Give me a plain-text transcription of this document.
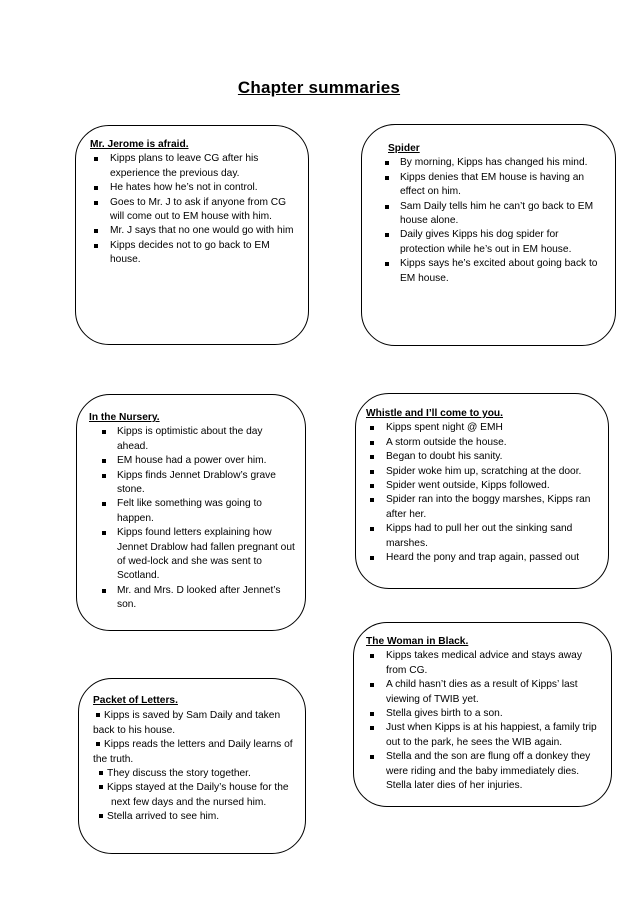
Chapter summaries

Mr. Jerome is afraid.

Kipps plans to leave CG after his experience the previous day.
He hates how he’s not in control.
Goes to Mr. J to ask if anyone from CG will come out to EM house with him.
Mr. J says that no one would go with him
Kipps decides not to go back to EM house.

Spider

By morning, Kipps has changed his mind.
Kipps denies that EM house is having an effect on him.
Sam Daily tells him he can’t go back to EM house alone.
Daily gives Kipps his dog spider for protection while he’s out in EM house.
Kipps says he’s excited about going back to EM house.

In the Nursery.

Kipps is optimistic about the day ahead.
EM house had a power over him.
Kipps finds Jennet Drablow’s grave stone.
Felt like something was going to happen.
Kipps found letters explaining how Jennet Drablow had fallen pregnant out of wed-lock and she was sent to Scotland.
Mr. and Mrs. D looked after Jennet’s son.

Whistle and I’ll come to you.

Kipps spent night @ EMH
A storm outside the house.
Began to doubt his sanity.
Spider woke him up, scratching at the door.
Spider went outside, Kipps followed.
Spider ran into the boggy marshes, Kipps ran after her.
Kipps had to pull her out the sinking sand marshes.
Heard the pony and trap again, passed out

Packet of Letters.

Kipps is saved by Sam Daily and taken back to his house.
Kipps reads the letters and Daily learns of the truth.
They discuss the story together.
Kipps stayed at the Daily’s house for the next few days and the nursed him.
Stella arrived to see him.

The Woman in Black.

Kipps takes medical advice and stays away from CG.
A child hasn’t dies as a result of Kipps’ last viewing of TWIB yet.
Stella gives birth to a son.
Just when Kipps is at his happiest, a family trip out to the park, he sees the WIB again.
Stella and the son are flung off a donkey they were riding and the baby immediately dies. Stella later dies of her injuries.
